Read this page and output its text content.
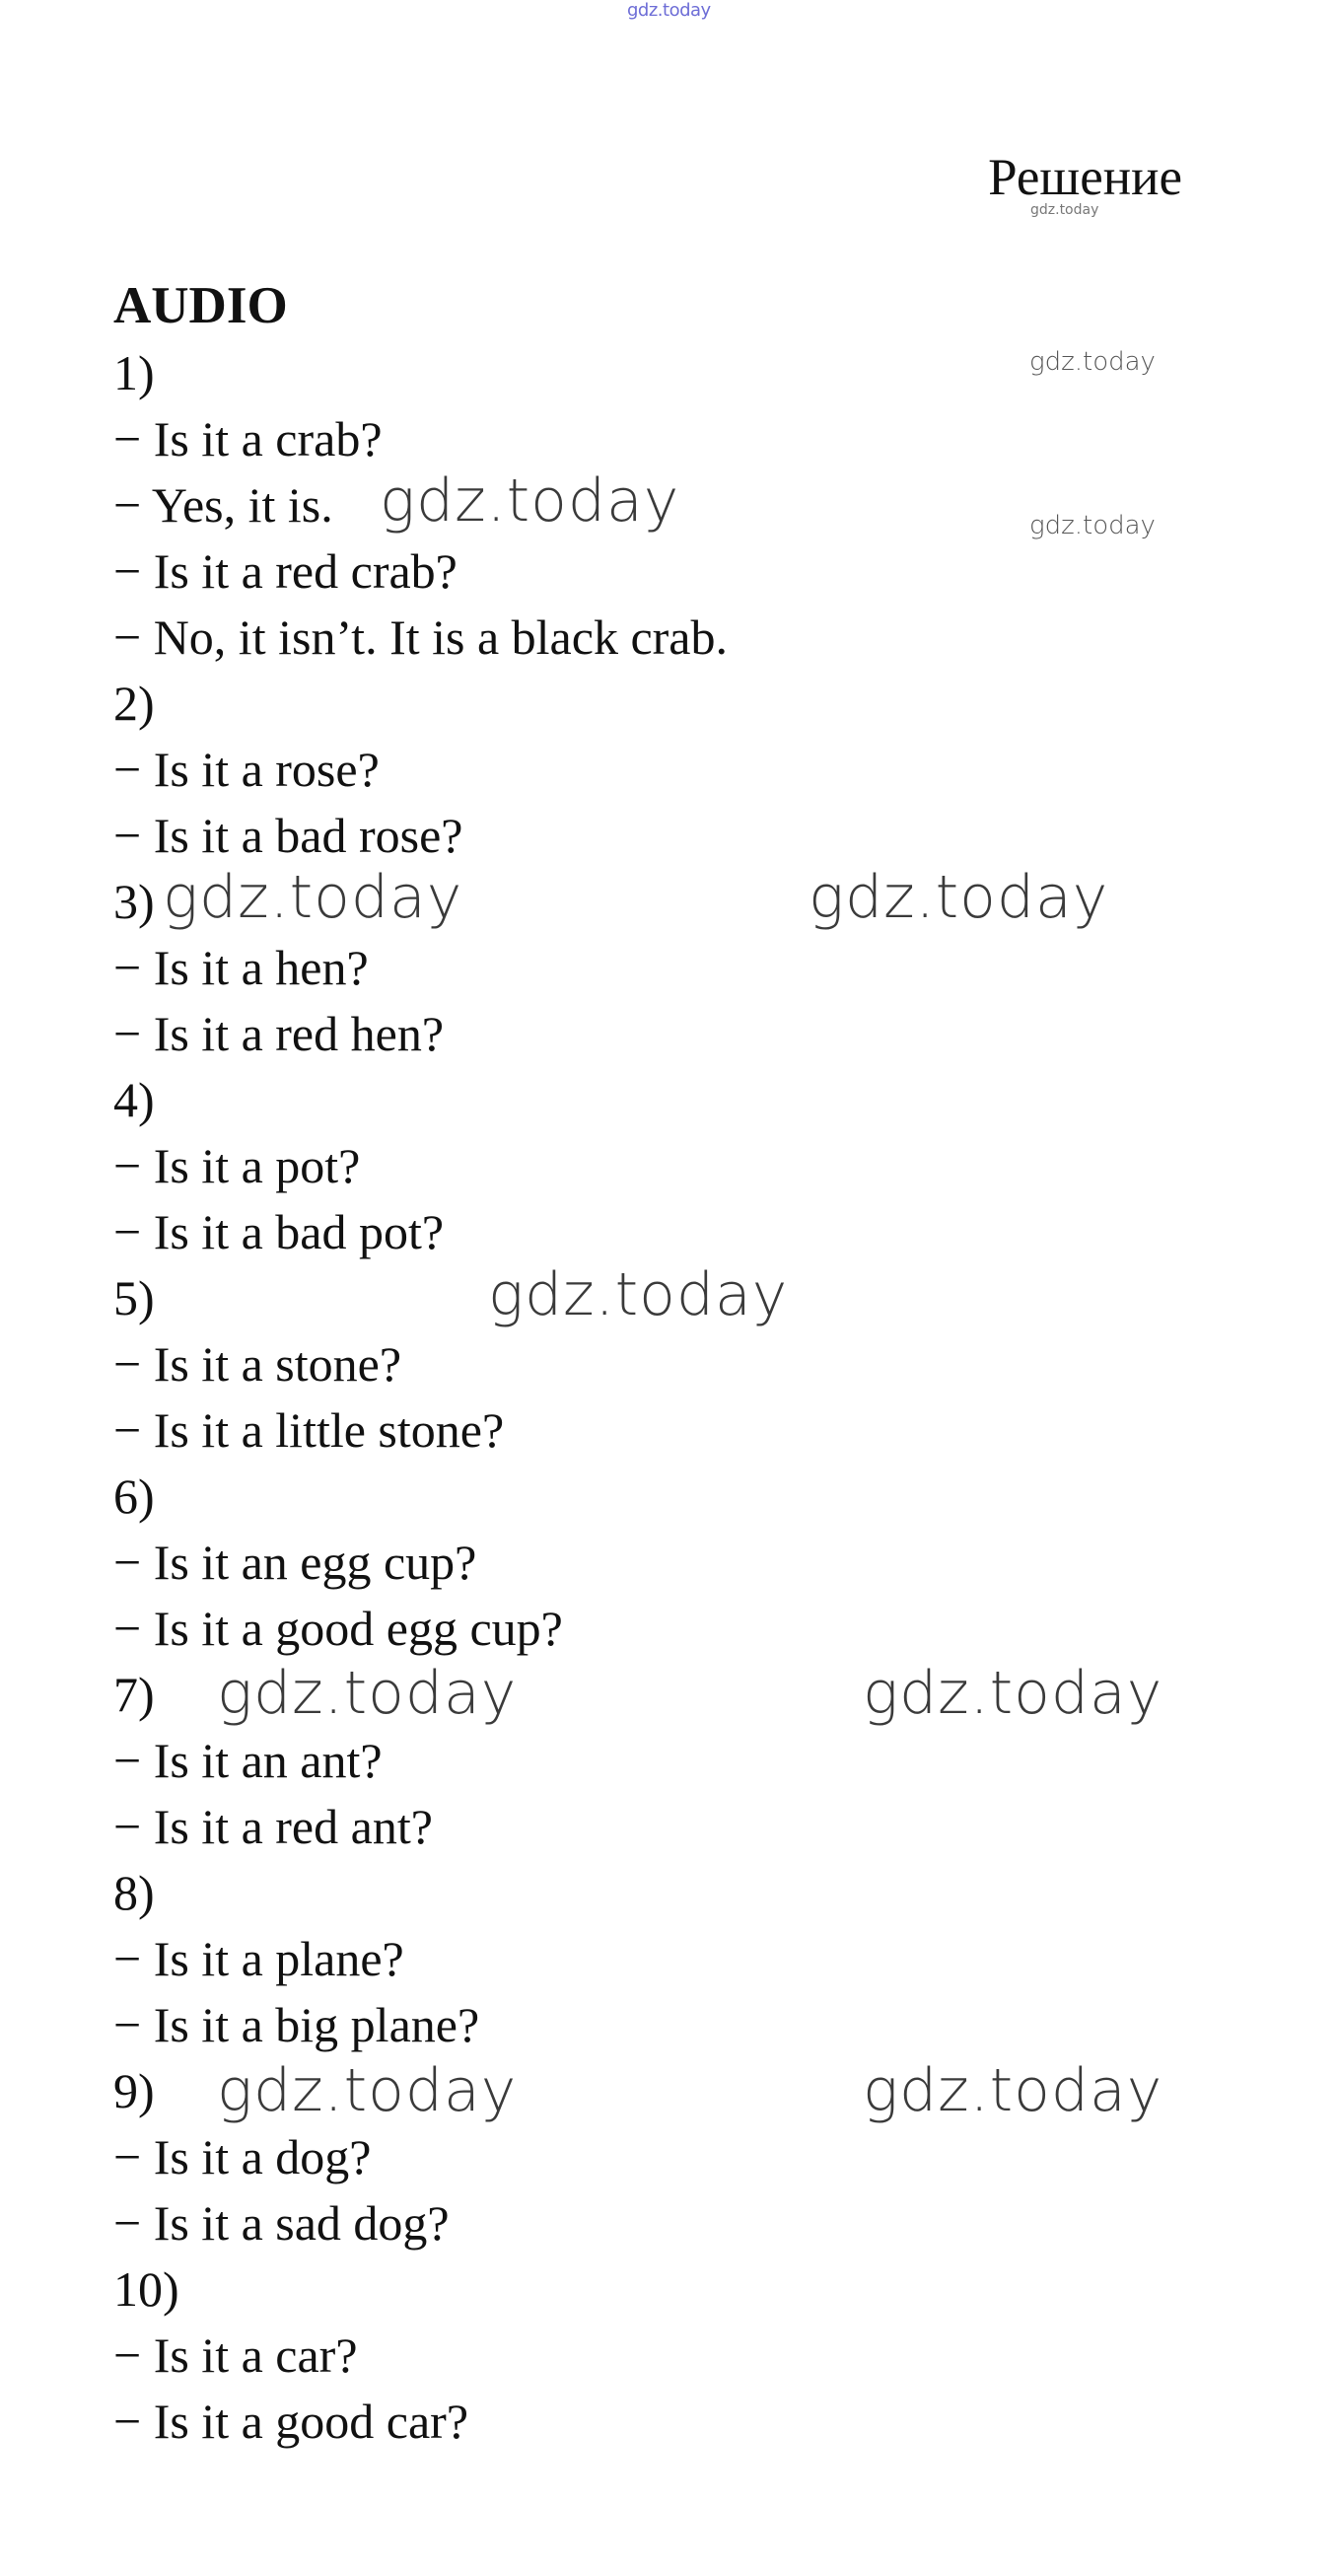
gdz.today
Решение
gdz.today
AUDIO
1)
− Is it a crab?
− Yes, it is.
− Is it a red crab?
− No, it isn’t. It is a black crab.
2)
− Is it a rose?
− Is it a bad rose?
3)
− Is it a hen?
− Is it a red hen?
4)
− Is it a pot?
− Is it a bad pot?
5)
− Is it a stone?
− Is it a little stone?
6)
− Is it an egg cup?
− Is it a good egg cup?
7)
− Is it an ant?
− Is it a red ant?
8)
− Is it a plane?
− Is it a big plane?
9)
− Is it a dog?
− Is it a sad dog?
10)
− Is it a car?
− Is it a good car?
gdz.today
gdz.today	gdz.today
gdz.today	gdz.today
gdz.today
gdz.today	gdz.today
gdz.today	gdz.today
